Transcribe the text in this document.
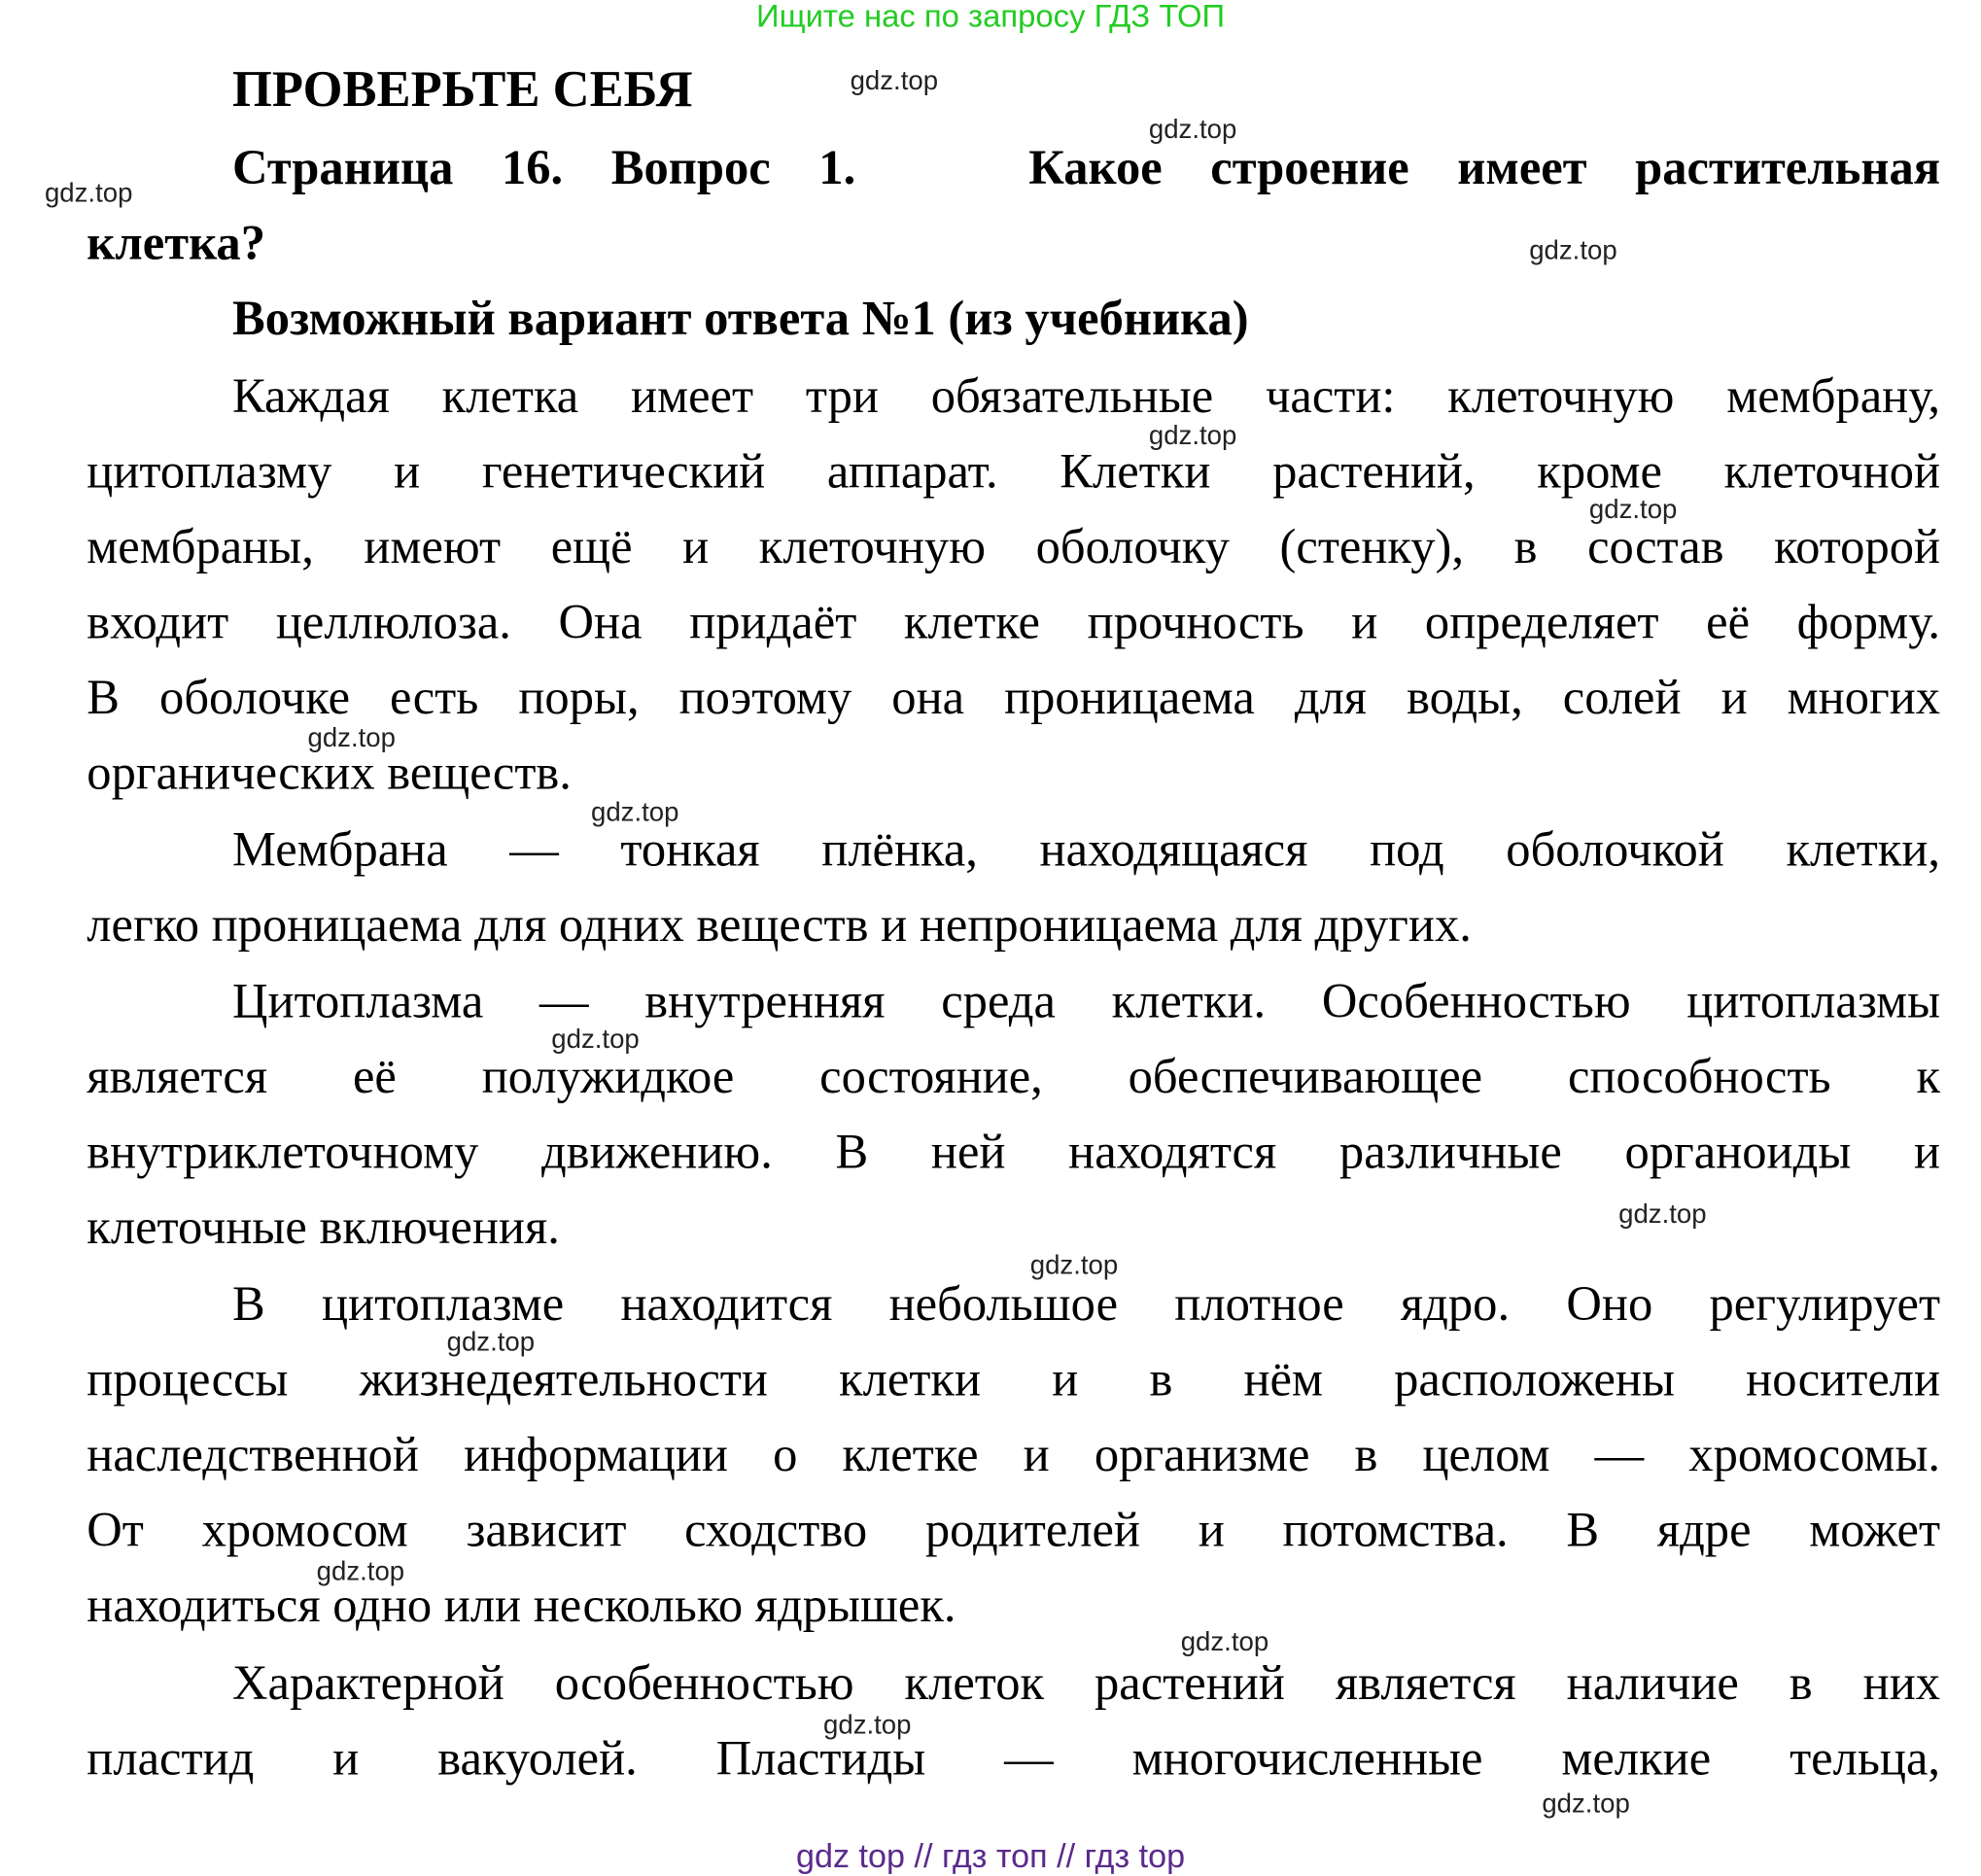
Ищите нас по запросу ГДЗ ТОП
ПРОВЕРЬТЕ СЕБЯ
Страница 16. Вопрос 1.	Какое строение имеет растительная
клетка?
Возможный вариант ответа №1 (из учебника)
Каждая клетка имеет три обязательные части: клеточную мембрану,
цитоплазму и генетический аппарат. Клетки растений, кроме клеточной
мембраны, имеют ещё и клеточную оболочку (стенку), в состав которой
входит целлюлоза. Она придаёт клетке прочность и определяет её форму.
В оболочке есть поры, поэтому она проницаема для воды, солей и многих
органических веществ.
Мембрана — тонкая плёнка, находящаяся под оболочкой клетки,
легко проницаема для одних веществ и непроницаема для других.
Цитоплазма — внутренняя среда клетки. Особенностью цитоплазмы
является её полужидкое состояние, обеспечивающее способность к
внутриклеточному движению. В ней находятся различные органоиды и
клеточные включения.
В цитоплазме находится небольшое плотное ядро. Оно регулирует
процессы жизнедеятельности клетки и в нём расположены носители
наследственной информации о клетке и организме в целом — хромосомы.
От хромосом зависит сходство родителей и потомства. В ядре может
находиться одно или несколько ядрышек.
Характерной особенностью клеток растений является наличие в них
пластид и вакуолей. Пластиды — многочисленные мелкие тельца,
gdz.top
gdz.top
gdz.top
gdz.top
gdz.top
gdz.top
gdz.top
gdz.top
gdz.top
gdz.top
gdz.top
gdz.top
gdz.top
gdz.top
gdz.top
gdz.top
gdz top // гдз топ // гдз top
